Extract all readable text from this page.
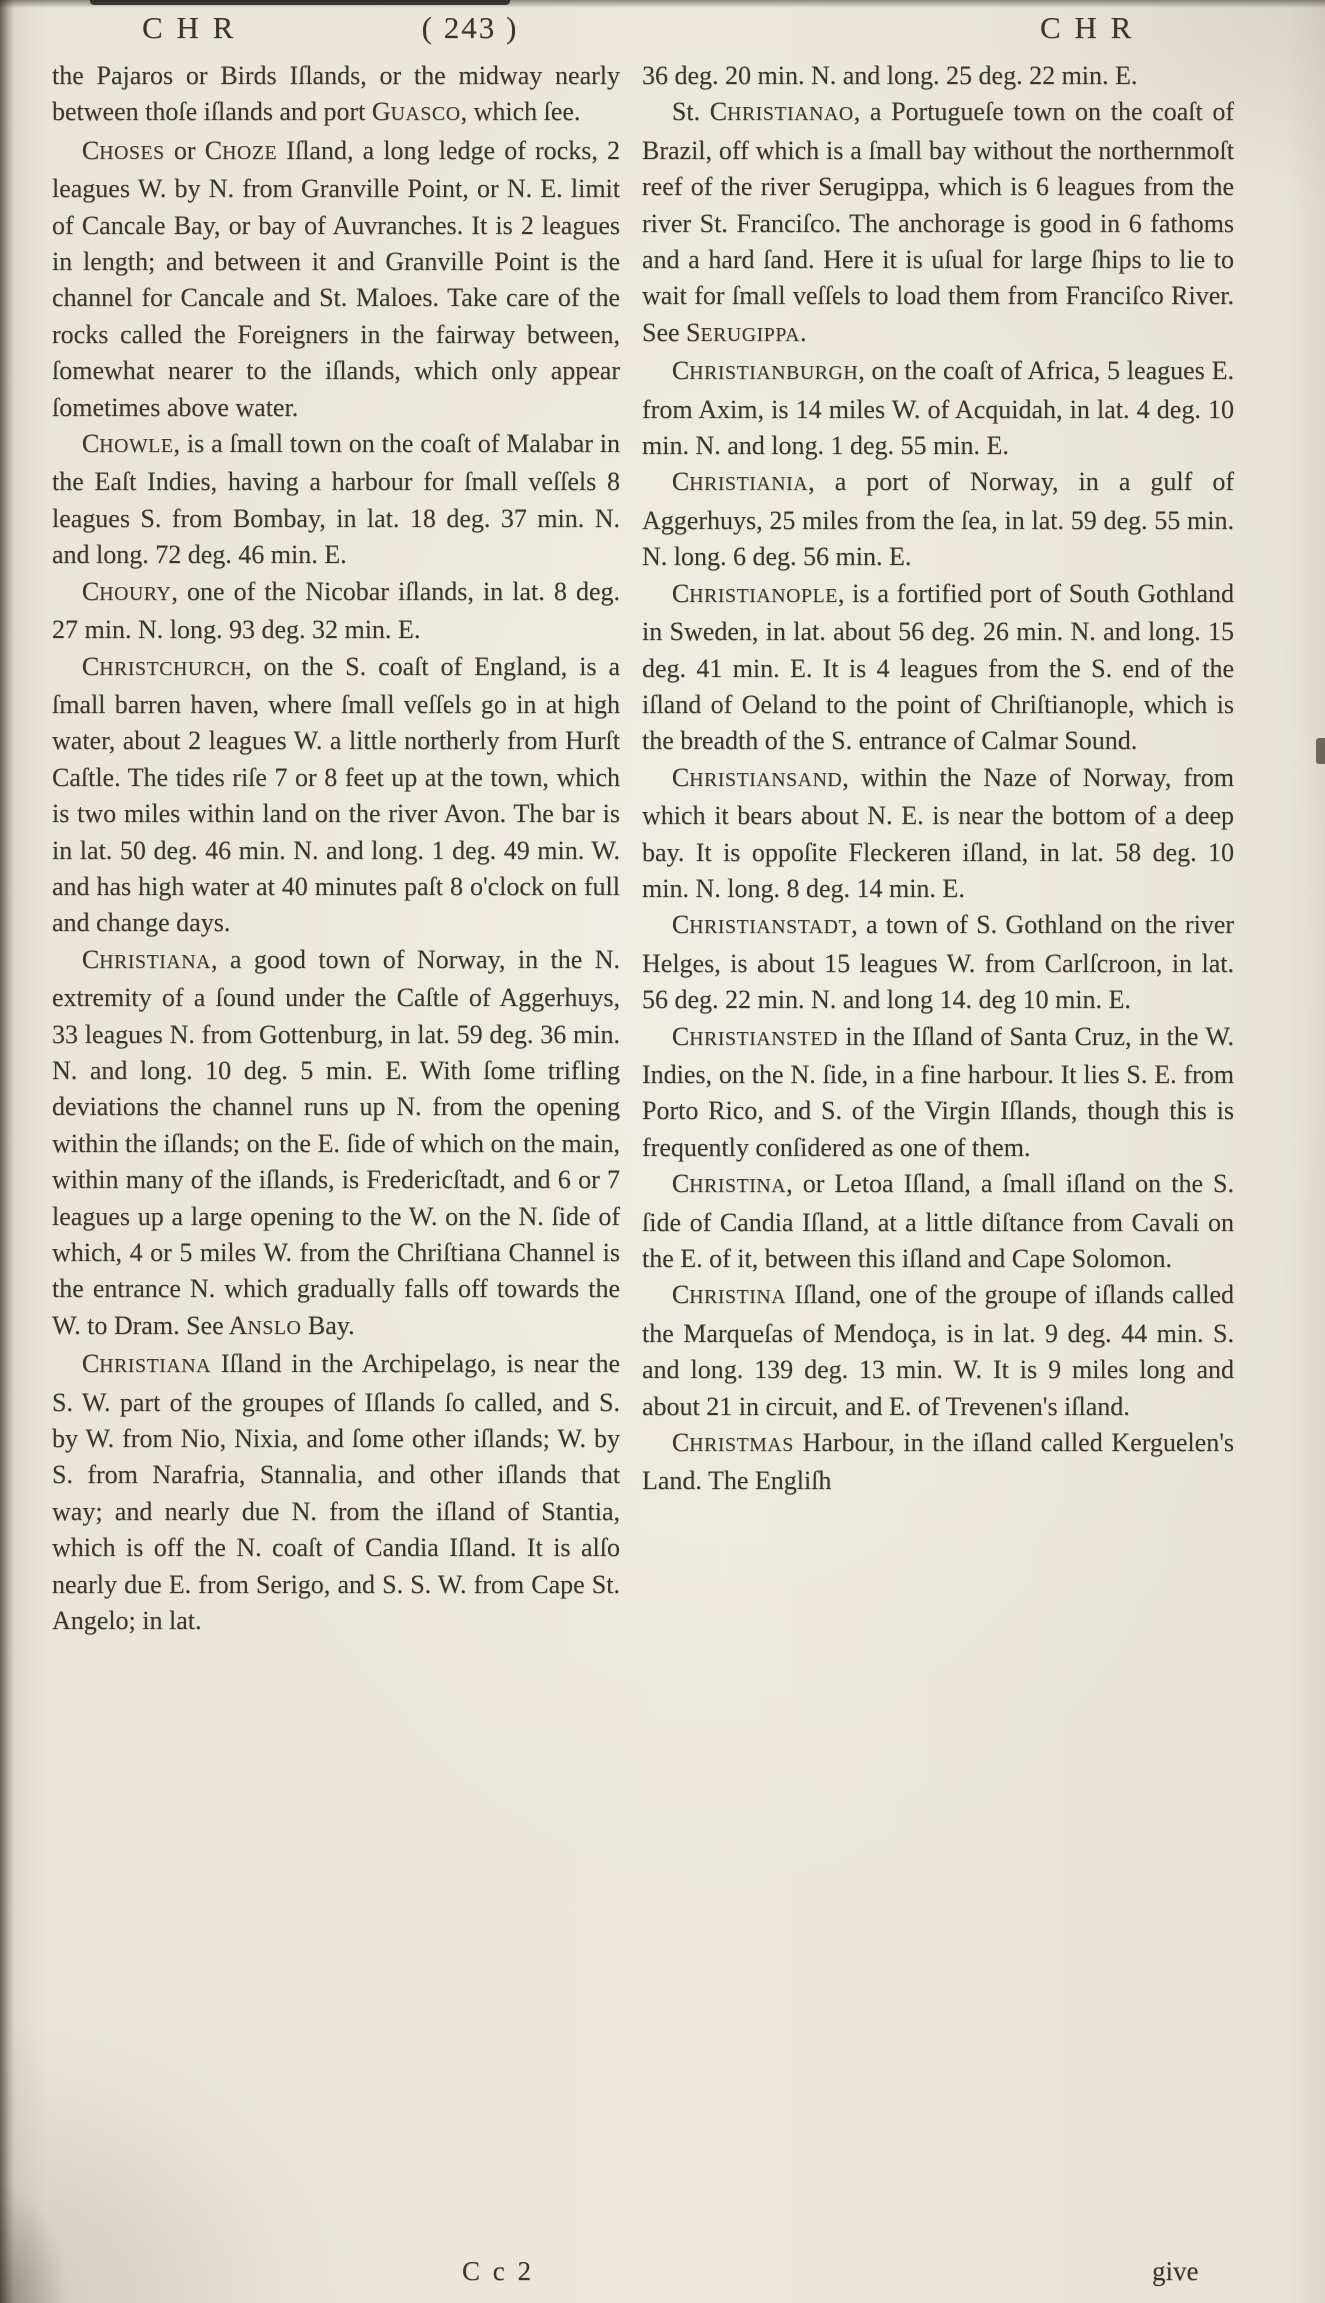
C H R	( 243 )	C H R

the Pajaros or Birds Iſlands, or the midway nearly between thoſe iſlands and port GUASCO, which ſee.

CHOSES or CHOZE Iſland, a long ledge of rocks, 2 leagues W. by N. from Granville Point, or N. E. limit of Cancale Bay, or bay of Auvranches. It is 2 leagues in length; and between it and Granville Point is the channel for Cancale and St. Maloes. Take care of the rocks called the Foreigners in the fairway between, ſomewhat nearer to the iſlands, which only appear ſometimes above water.

CHOWLE, is a ſmall town on the coaſt of Malabar in the Eaſt Indies, having a harbour for ſmall veſſels 8 leagues S. from Bombay, in lat. 18 deg. 37 min. N. and long. 72 deg. 46 min. E.

CHOURY, one of the Nicobar iſlands, in lat. 8 deg. 27 min. N. long. 93 deg. 32 min. E.

CHRISTCHURCH, on the S. coaſt of England, is a ſmall barren haven, where ſmall veſſels go in at high water, about 2 leagues W. a little northerly from Hurſt Caſtle. The tides riſe 7 or 8 feet up at the town, which is two miles within land on the river Avon. The bar is in lat. 50 deg. 46 min. N. and long. 1 deg. 49 min. W. and has high water at 40 minutes paſt 8 o'clock on full and change days.

CHRISTIANA, a good town of Norway, in the N. extremity of a ſound under the Caſtle of Aggerhuys, 33 leagues N. from Gottenburg, in lat. 59 deg. 36 min. N. and long. 10 deg. 5 min. E. With ſome trifling deviations the channel runs up N. from the opening within the iſlands; on the E. ſide of which on the main, within many of the iſlands, is Fredericſtadt, and 6 or 7 leagues up a large opening to the W. on the N. ſide of which, 4 or 5 miles W. from the Chriſtiana Channel is the entrance N. which gradually falls off towards the W. to Dram. See ANSLO Bay.

CHRISTIANA Iſland in the Archipelago, is near the S. W. part of the groupes of Iſlands ſo called, and S. by W. from Nio, Nixia, and ſome other iſlands; W. by S. from Narafria, Stannalia, and other iſlands that way; and nearly due N. from the iſland of Stantia, which is off the N. coaſt of Candia Iſland. It is alſo nearly due E. from Serigo, and S. S. W. from Cape St. Angelo; in lat.

36 deg. 20 min. N. and long. 25 deg. 22 min. E.

St. CHRISTIANAO, a Portugueſe town on the coaſt of Brazil, off which is a ſmall bay without the northernmoſt reef of the river Serugippa, which is 6 leagues from the river St. Franciſco. The anchorage is good in 6 fathoms and a hard ſand. Here it is uſual for large ſhips to lie to wait for ſmall veſſels to load them from Franciſco River. See SERUGIPPA.

CHRISTIANBURGH, on the coaſt of Africa, 5 leagues E. from Axim, is 14 miles W. of Acquidah, in lat. 4 deg. 10 min. N. and long. 1 deg. 55 min. E.

CHRISTIANIA, a port of Norway, in a gulf of Aggerhuys, 25 miles from the ſea, in lat. 59 deg. 55 min. N. long. 6 deg. 56 min. E.

CHRISTIANOPLE, is a fortified port of South Gothland in Sweden, in lat. about 56 deg. 26 min. N. and long. 15 deg. 41 min. E. It is 4 leagues from the S. end of the iſland of Oeland to the point of Chriſtianople, which is the breadth of the S. entrance of Calmar Sound.

CHRISTIANSAND, within the Naze of Norway, from which it bears about N. E. is near the bottom of a deep bay. It is oppoſite Fleckeren iſland, in lat. 58 deg. 10 min. N. long. 8 deg. 14 min. E.

CHRISTIANSTADT, a town of S. Gothland on the river Helges, is about 15 leagues W. from Carlſcroon, in lat. 56 deg. 22 min. N. and long 14. deg 10 min. E.

CHRISTIANSTED in the Iſland of Santa Cruz, in the W. Indies, on the N. ſide, in a fine harbour. It lies S. E. from Porto Rico, and S. of the Virgin Iſlands, though this is frequently conſidered as one of them.

CHRISTINA, or Letoa Iſland, a ſmall iſland on the S. ſide of Candia Iſland, at a little diſtance from Cavali on the E. of it, between this iſland and Cape Solomon.

CHRISTINA Iſland, one of the groupe of iſlands called the Marqueſas of Mendoça, is in lat. 9 deg. 44 min. S. and long. 139 deg. 13 min. W. It is 9 miles long and about 21 in circuit, and E. of Trevenen's iſland.

CHRISTMAS Harbour, in the iſland called Kerguelen's Land. The Engliſh

C c 2	give
